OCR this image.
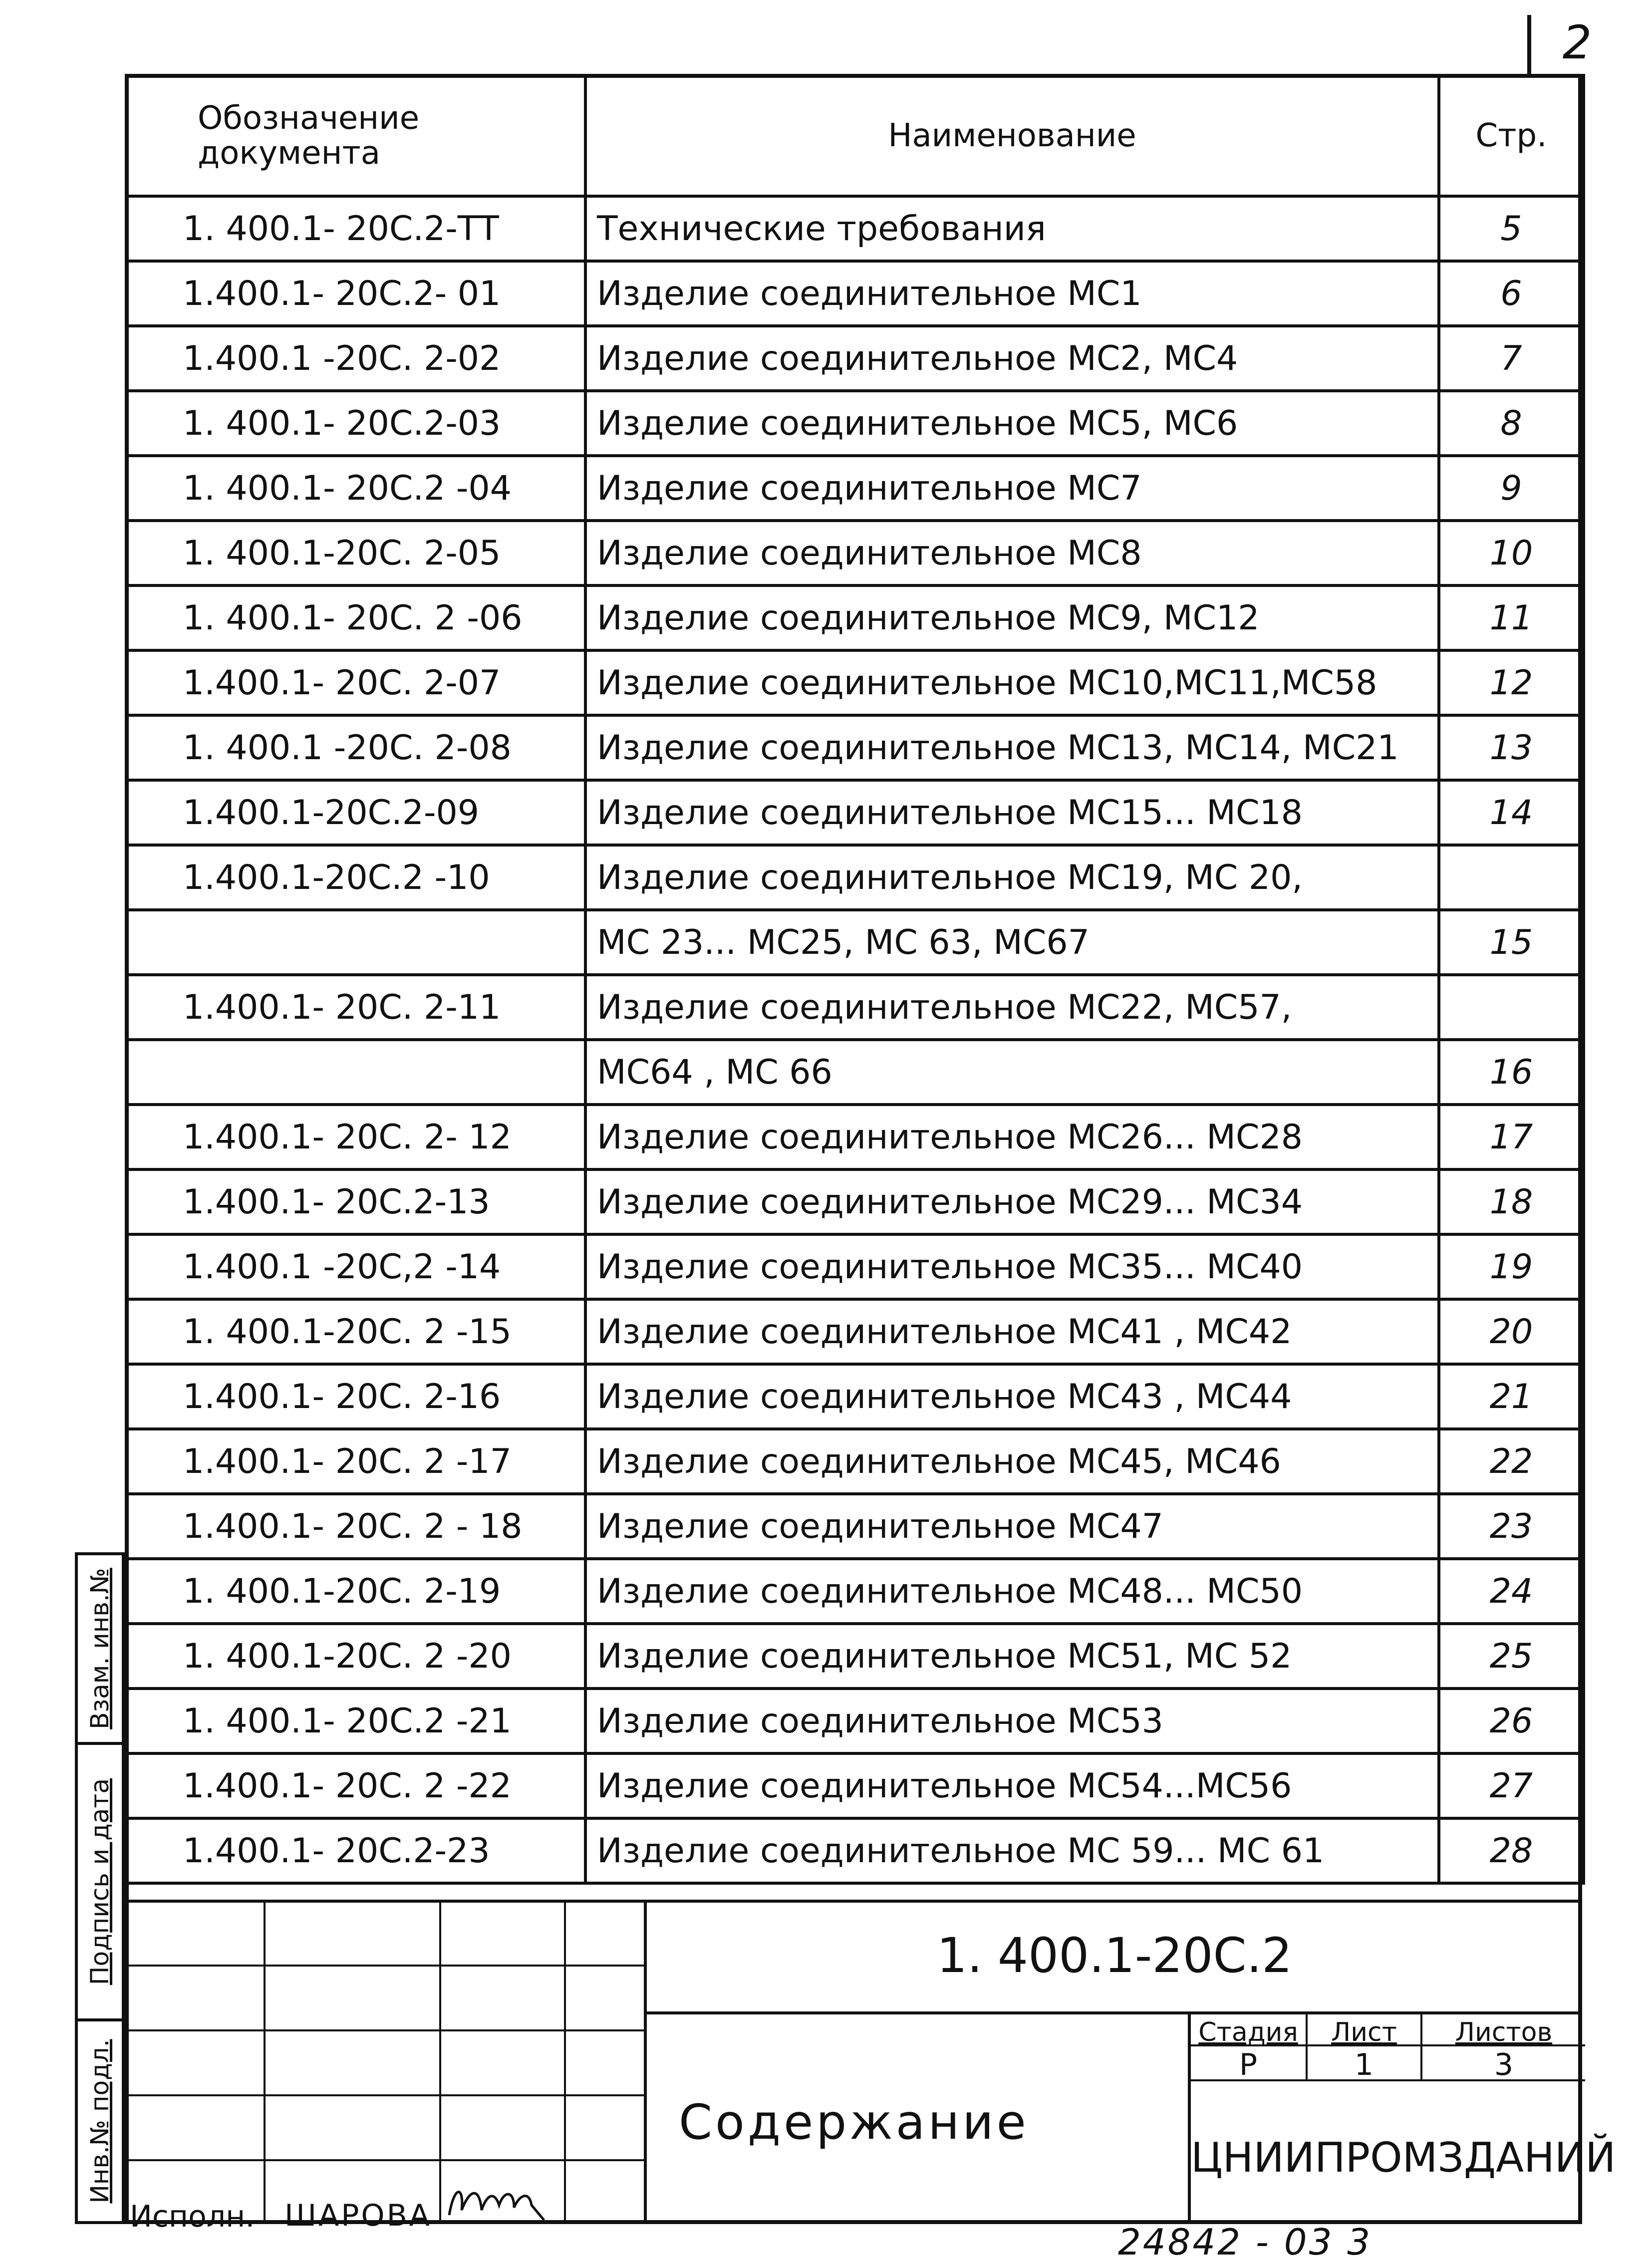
2
Обозначение документа	Наименование	Стр.
1. 400.1- 20С.2-ТТ	Технические требования	5
1.400.1- 20С.2- 01	Изделие соединительное МС1	6
1.400.1 -20С. 2-02	Изделие соединительное МС2, МС4	7
1. 400.1- 20С.2-03	Изделие соединительное МС5, МС6	8
1. 400.1- 20С.2 -04	Изделие соединительное МС7	9
1. 400.1-20С. 2-05	Изделие соединительное МС8	10
1. 400.1- 20С. 2 -06	Изделие соединительное МС9, МС12	11
1.400.1- 20С. 2-07	Изделие соединительное МС10,МС11,МС58	12
1. 400.1 -20С. 2-08	Изделие соединительное МС13, МС14, МС21	13
1.400.1-20С.2-09	Изделие соединительное МС15... МС18	14
1.400.1-20С.2 -10	Изделие соединительное МС19, МС 20,	
	МС 23... МС25, МС 63, МС67	15
1.400.1- 20С. 2-11	Изделие соединительное МС22, МС57,	
	МС64 , МС 66	16
1.400.1- 20С. 2- 12	Изделие соединительное МС26... МС28	17
1.400.1- 20С.2-13	Изделие соединительное МС29... МС34	18
1.400.1 -20С,2 -14	Изделие соединительное МС35... МС40	19
1. 400.1-20С. 2 -15	Изделие соединительное МС41 , МС42	20
1.400.1- 20С. 2-16	Изделие соединительное МС43 , МС44	21
1.400.1- 20С. 2 -17	Изделие соединительное МС45, МС46	22
1.400.1- 20С. 2 - 18	Изделие соединительное МС47	23
1. 400.1-20С. 2-19	Изделие соединительное МС48... МС50	24
1. 400.1-20С. 2 -20	Изделие соединительное МС51, МС 52	25
1. 400.1- 20С.2 -21	Изделие соединительное МС53	26
1.400.1- 20С. 2 -22	Изделие соединительное МС54...МС56	27
1.400.1- 20С.2-23	Изделие соединительное МС 59... МС 61	28
Исполн. ШАРОВА
1. 400.1-20С.2
Содержание
Стадия	Лист	Листов
Р	1	3
ЦНИИПРОМЗДАНИЙ
Взам. инв.№
Подпись и дата
Инв.№ подл.
24842 - 03 3
